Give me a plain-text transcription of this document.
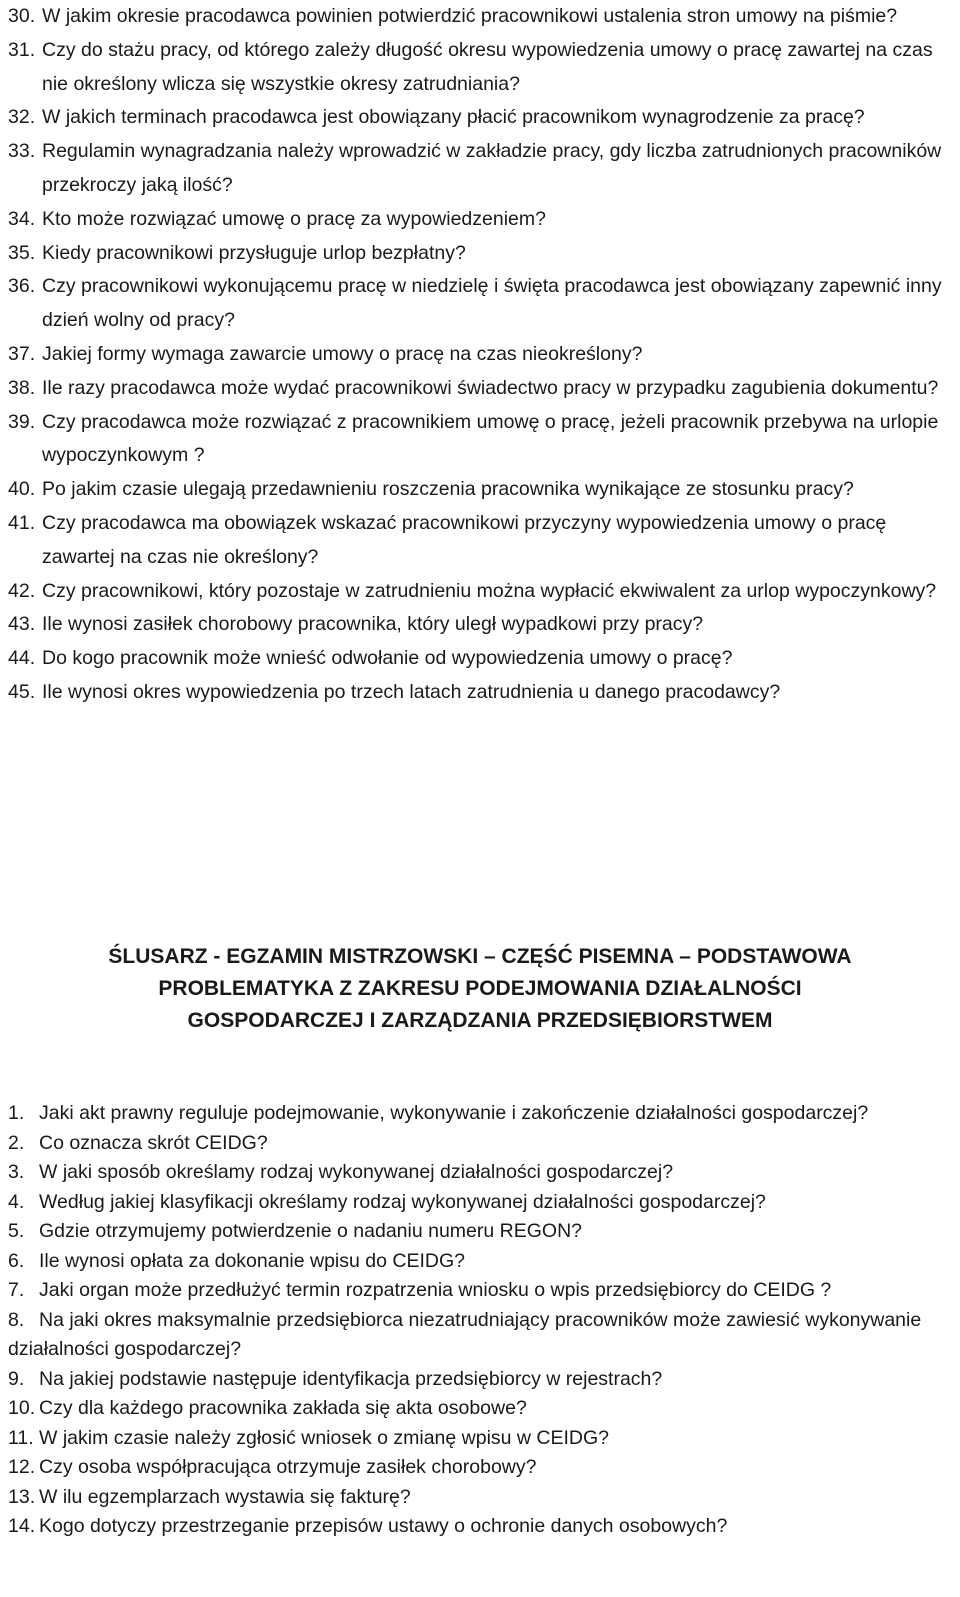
30. W jakim okresie pracodawca powinien potwierdzić pracownikowi ustalenia stron umowy na piśmie?
31. Czy do stażu pracy, od którego zależy długość okresu wypowiedzenia umowy o pracę zawartej na czas nie określony wlicza się wszystkie okresy zatrudniania?
32. W jakich terminach pracodawca jest obowiązany płacić pracownikom wynagrodzenie za pracę?
33. Regulamin wynagradzania należy wprowadzić w zakładzie pracy, gdy liczba zatrudnionych pracowników przekroczy jaką ilość?
34. Kto może rozwiązać umowę o pracę za wypowiedzeniem?
35. Kiedy pracownikowi przysługuje urlop bezpłatny?
36. Czy pracownikowi wykonującemu pracę w niedzielę i święta pracodawca jest obowiązany zapewnić inny dzień wolny od pracy?
37. Jakiej formy wymaga zawarcie umowy o pracę na czas nieokreślony?
38. Ile razy pracodawca może wydać pracownikowi świadectwo pracy w przypadku zagubienia dokumentu?
39. Czy pracodawca może rozwiązać z pracownikiem umowę o pracę, jeżeli pracownik przebywa na urlopie wypoczynkowym ?
40. Po jakim czasie ulegają przedawnieniu roszczenia pracownika wynikające ze stosunku pracy?
41. Czy pracodawca ma obowiązek wskazać pracownikowi przyczyny wypowiedzenia umowy o pracę zawartej na czas nie określony?
42. Czy pracownikowi, który pozostaje w zatrudnieniu można wypłacić ekwiwalent za urlop wypoczynkowy?
43. Ile wynosi zasiłek chorobowy pracownika, który uległ wypadkowi przy pracy?
44. Do kogo pracownik może wnieść odwołanie od wypowiedzenia umowy o pracę?
45. Ile wynosi okres wypowiedzenia po trzech latach zatrudnienia u danego pracodawcy?
ŚLUSARZ - EGZAMIN MISTRZOWSKI – CZĘŚĆ PISEMNA – PODSTAWOWA
PROBLEMATYKA Z ZAKRESU PODEJMOWANIA DZIAŁALNOŚCI
GOSPODARCZEJ I ZARZĄDZANIA PRZEDSIĘBIORSTWEM
1. Jaki akt prawny reguluje podejmowanie, wykonywanie i zakończenie działalności gospodarczej?
2. Co oznacza skrót CEIDG?
3. W jaki sposób określamy rodzaj wykonywanej działalności gospodarczej?
4. Według jakiej klasyfikacji określamy rodzaj wykonywanej działalności gospodarczej?
5. Gdzie otrzymujemy potwierdzenie o nadaniu numeru REGON?
6. Ile wynosi opłata za dokonanie wpisu do CEIDG?
7. Jaki organ może przedłużyć termin rozpatrzenia wniosku o wpis przedsiębiorcy do CEIDG ?
8. Na jaki okres maksymalnie przedsiębiorca niezatrudniający pracowników może zawiesić wykonywanie działalności gospodarczej?
9. Na jakiej podstawie następuje identyfikacja przedsiębiorcy w rejestrach?
10. Czy dla każdego pracownika zakłada się akta osobowe?
11. W jakim czasie należy zgłosić wniosek o zmianę wpisu w CEIDG?
12. Czy osoba współpracująca otrzymuje zasiłek chorobowy?
13. W ilu egzemplarzach wystawia się fakturę?
14. Kogo dotyczy przestrzeganie przepisów ustawy o ochronie danych osobowych?
